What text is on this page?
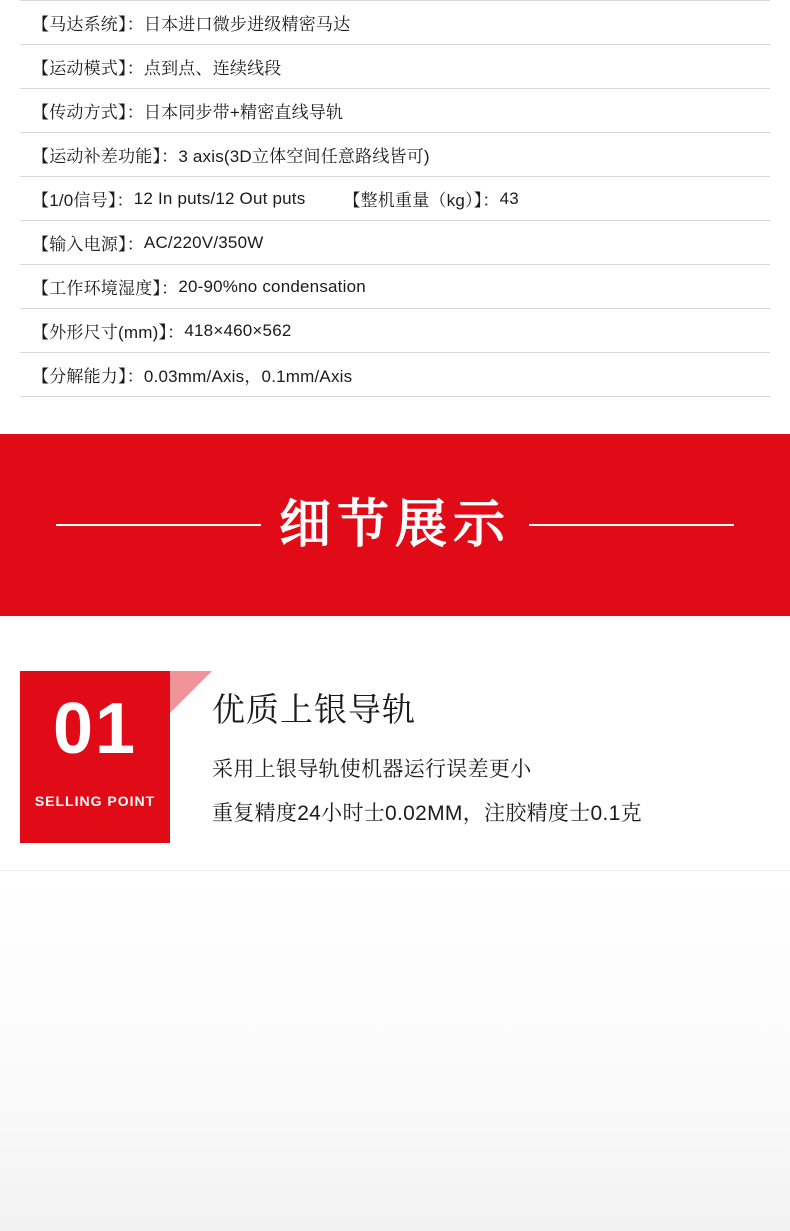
【马达系统】： 日本进口微步进级精密马达

【运动模式】： 点到点、连续线段

【传动方式】： 日本同步带+精密直线导轨

【运动补差功能】： 3 axis(3D立体空间任意路线皆可)

【1/0信号】： 12 In puts/12 Out puts 【整机重量（kg）】： 43

【输入电源】： AC/220V/350W

【工作环境湿度】： 20-90%no condensation

【外形尺寸(mm)】： 418×460×562

【分解能力】： 0.03mm/Axis，0.1mm/Axis
细节展示
01
SELLING POINT
优质上银导轨
采用上银导轨使机器运行误差更小
重复精度24小时士0.02MM，注胶精度士0.1克
